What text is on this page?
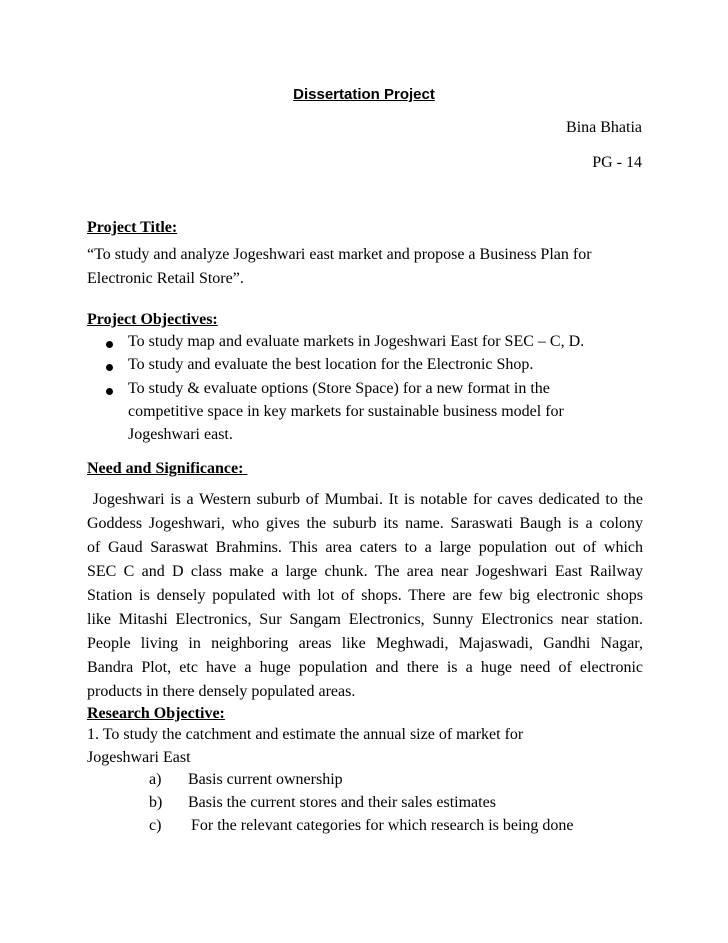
Dissertation Project
Bina Bhatia
PG - 14
Project Title:
“To study and analyze Jogeshwari east market and propose a Business Plan for
Electronic Retail Store”.
Project Objectives:
To study map and evaluate markets in Jogeshwari East for SEC – C, D.
To study and evaluate the best location for the Electronic Shop.
To study & evaluate options (Store Space) for a new format in the
competitive space in key markets for sustainable business model for
Jogeshwari east.
Need and Significance:
Jogeshwari is a Western suburb of Mumbai. It is notable for caves dedicated to the
Goddess Jogeshwari, who gives the suburb its name. Saraswati Baugh is a colony
of Gaud Saraswat Brahmins. This area caters to a large population out of which
SEC C and D class make a large chunk. The area near Jogeshwari East Railway
Station is densely populated with lot of shops. There are few big electronic shops
like Mitashi Electronics, Sur Sangam Electronics, Sunny Electronics near station.
People living in neighboring areas like Meghwadi, Majaswadi, Gandhi Nagar,
Bandra Plot, etc have a huge population and there is a huge need of electronic
products in there densely populated areas.
Research Objective:
1. To study the catchment and estimate the annual size of market for
Jogeshwari East
a) Basis current ownership
b) Basis the current stores and their sales estimates
c) For the relevant categories for which research is being done
